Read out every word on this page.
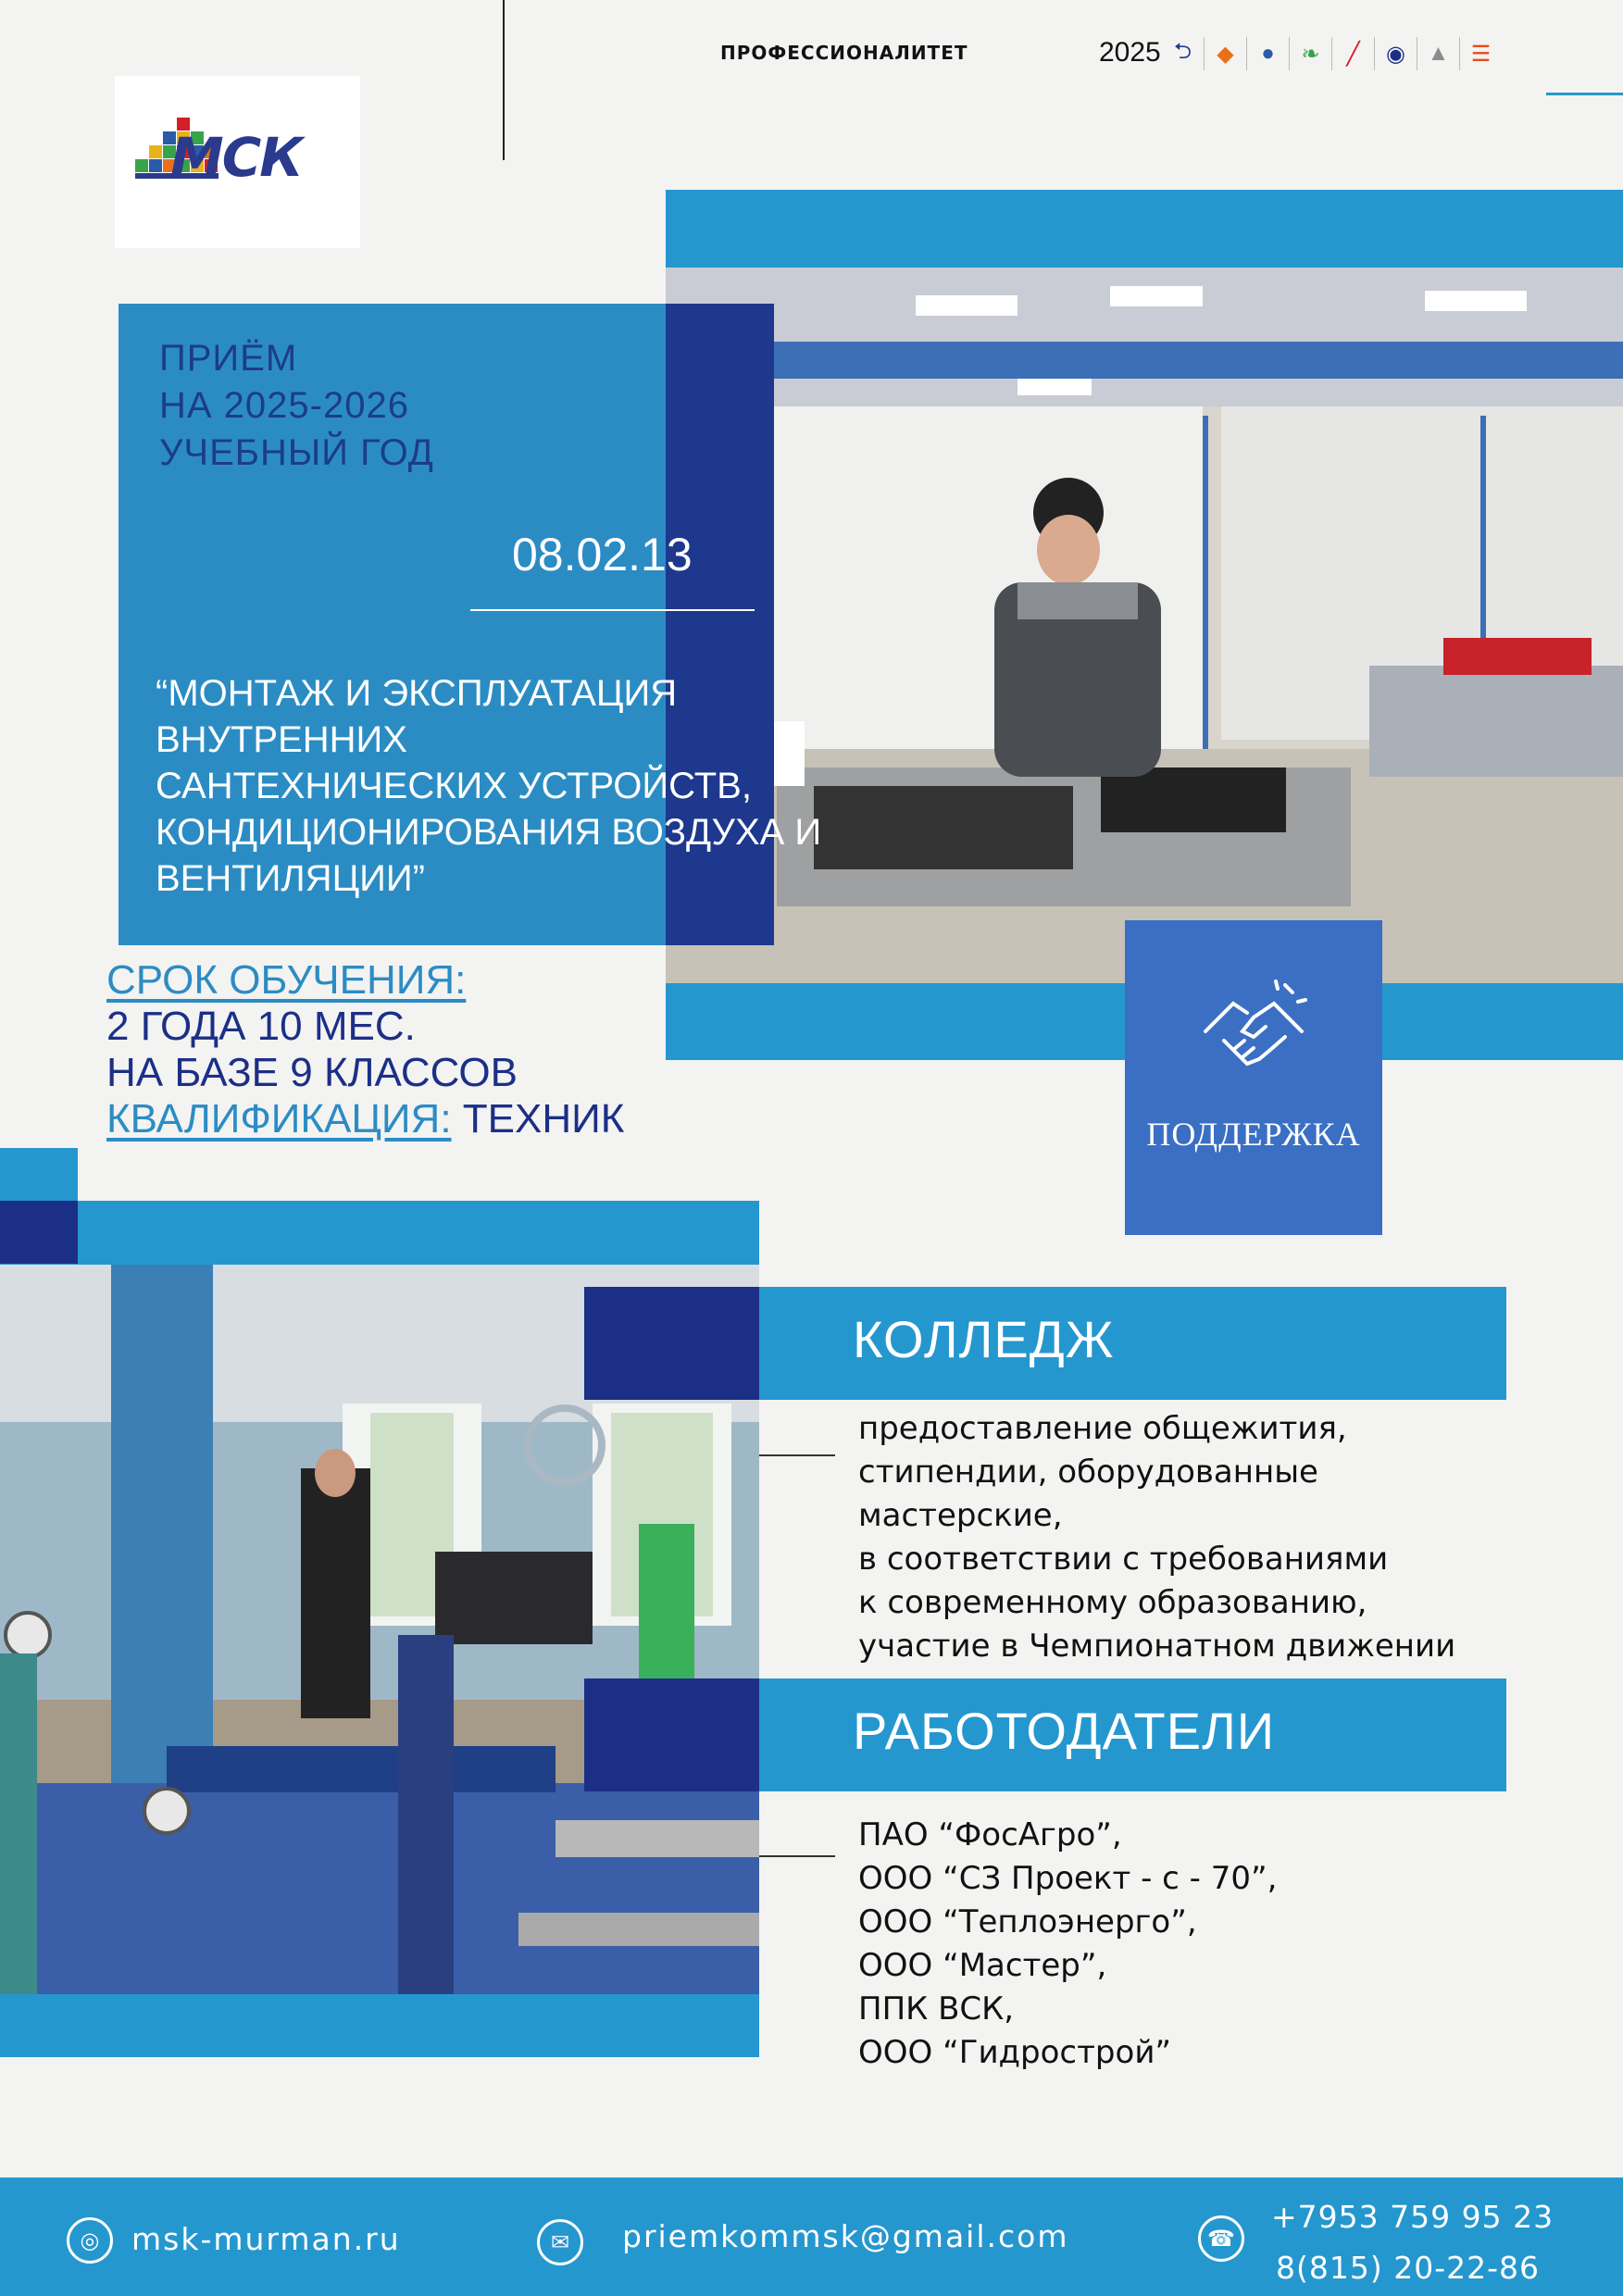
МСК
ПРОФЕССИОНАЛИТЕТ	2025 ⮌	◆	●	❧	╱	◉ ▲ ☰
ПРИЁМ
НА 2025-2026
УЧЕБНЫЙ ГОД
08.02.13
“МОНТАЖ И ЭКСПЛУАТАЦИЯ
ВНУТРЕННИХ
САНТЕХНИЧЕСКИХ УСТРОЙСТВ,
КОНДИЦИОНИРОВАНИЯ ВОЗДУХА И
ВЕНТИЛЯЦИИ”
СРОК ОБУЧЕНИЯ:
2 ГОДА 10 МЕС.
НА БАЗЕ 9 КЛАССОВ
КВАЛИФИКАЦИЯ: ТЕХНИК	ПОДДЕРЖКА
КОЛЛЕДЖ
предоставление общежития,
стипендии, оборудованные
мастерские,
в соответствии с требованиями
к современному образованию,
участие в Чемпионатном движении
РАБОТОДАТЕЛИ
ПАО “ФосАгро”,
ООО “СЗ Проект - с - 70”,
ООО “Теплоэнерго”,
ООО “Мастер”,
ППК ВСК,
ООО “Гидрострой”
◎	msk-murman.ru	✉	priemkommsk@gmail.com	☎
+7953 759 95 23
8(815) 20-22-86
